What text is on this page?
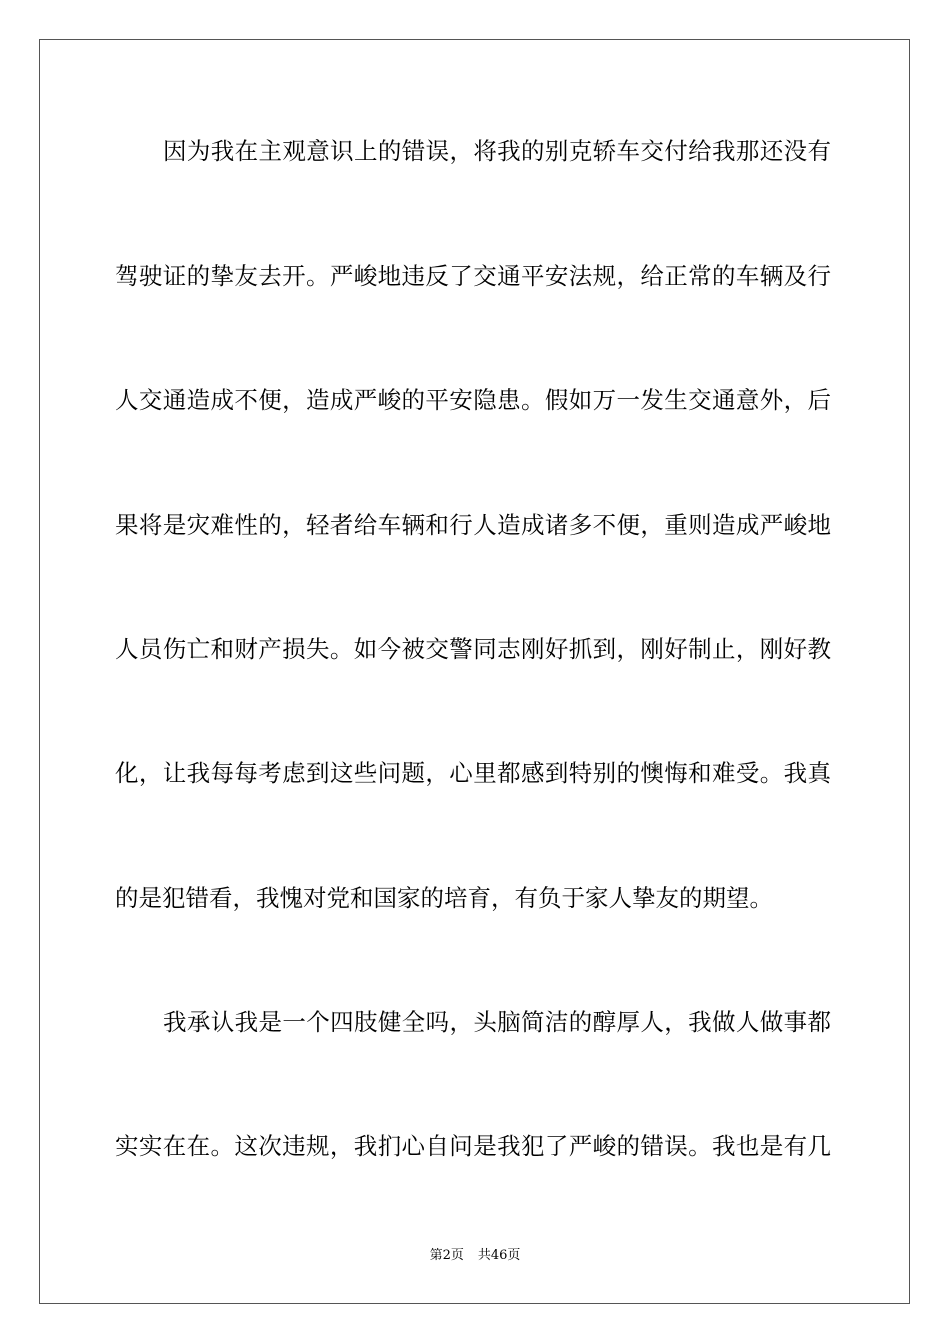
因为我在主观意识上的错误，将我的别克轿车交付给我那还没有
驾驶证的挚友去开。严峻地违反了交通平安法规，给正常的车辆及行
人交通造成不便，造成严峻的平安隐患。假如万一发生交通意外，后
果将是灾难性的，轻者给车辆和行人造成诸多不便，重则造成严峻地
人员伤亡和财产损失。如今被交警同志刚好抓到，刚好制止，刚好教
化，让我每每考虑到这些问题，心里都感到特别的懊悔和难受。我真
的是犯错看，我愧对党和国家的培育，有负于家人挚友的期望。
我承认我是一个四肢健全吗，头脑简洁的醇厚人，我做人做事都
实实在在。这次违规，我扪心自问是我犯了严峻的错误。我也是有几
第2页 共46页
